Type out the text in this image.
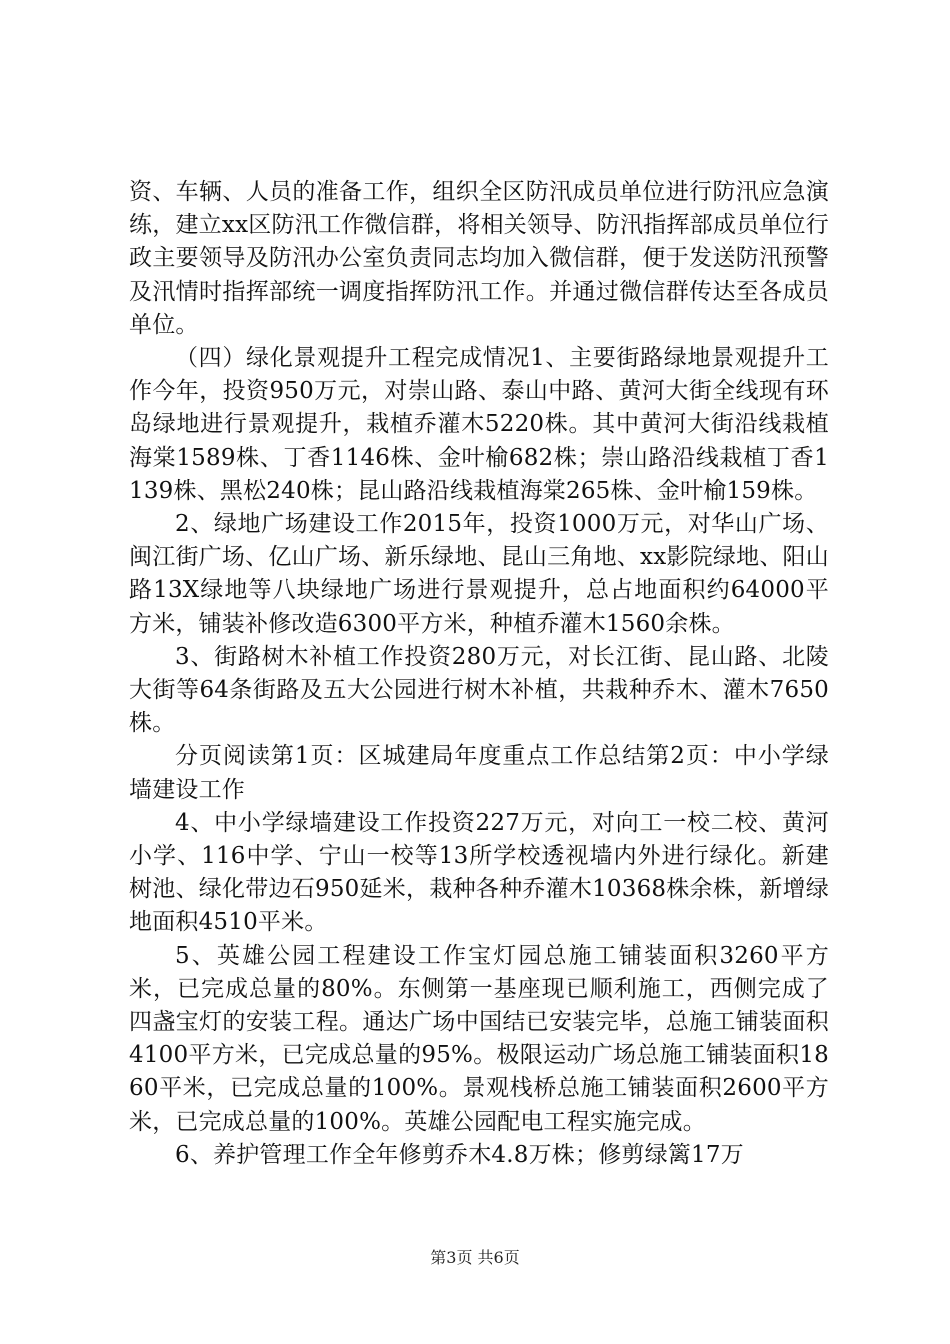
资、车辆、人员的准备工作，组织全区防汛成员单位进行防汛应急演练，建立xx区防汛工作微信群，将相关领导、防汛指挥部成员单位行政主要领导及防汛办公室负责同志均加入微信群，便于发送防汛预警及汛情时指挥部统一调度指挥防汛工作。并通过微信群传达至各成员单位。

（四）绿化景观提升工程完成情况1、主要街路绿地景观提升工作今年，投资950万元，对崇山路、泰山中路、黄河大街全线现有环岛绿地进行景观提升，栽植乔灌木5220株。其中黄河大街沿线栽植海棠1589株、丁香1146株、金叶榆682株；崇山路沿线栽植丁香1139株、黑松240株；昆山路沿线栽植海棠265株、金叶榆159株。

2、绿地广场建设工作2015年，投资1000万元，对华山广场、闽江街广场、亿山广场、新乐绿地、昆山三角地、xx影院绿地、阳山路13X绿地等八块绿地广场进行景观提升，总占地面积约64000平方米，铺装补修改造6300平方米，种植乔灌木1560余株。

3、街路树木补植工作投资280万元，对长江街、昆山路、北陵大街等64条街路及五大公园进行树木补植，共栽种乔木、灌木7650株。

分页阅读第1页：区城建局年度重点工作总结第2页：中小学绿墙建设工作

4、中小学绿墙建设工作投资227万元，对向工一校二校、黄河小学、116中学、宁山一校等13所学校透视墙内外进行绿化。新建树池、绿化带边石950延米，栽种各种乔灌木10368株余株，新增绿地面积4510平米。

5、英雄公园工程建设工作宝灯园总施工铺装面积3260平方米，已完成总量的80%。东侧第一基座现已顺利施工，西侧完成了四盏宝灯的安装工程。通达广场中国结已安装完毕，总施工铺装面积4100平方米，已完成总量的95%。极限运动广场总施工铺装面积1860平米，已完成总量的100%。景观栈桥总施工铺装面积2600平方米，已完成总量的100%。英雄公园配电工程实施完成。

6、养护管理工作全年修剪乔木4.8万株；修剪绿篱17万

第3页 共6页
